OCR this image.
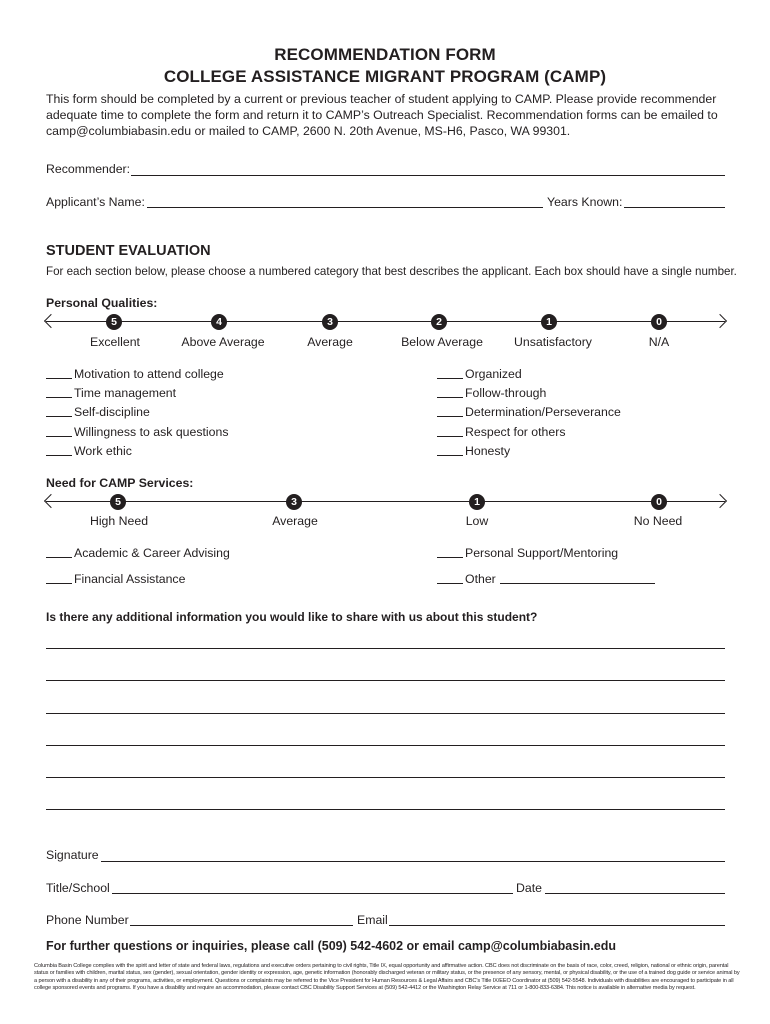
RECOMMENDATION FORM
COLLEGE ASSISTANCE MIGRANT PROGRAM (CAMP)
This form should be completed by a current or previous teacher of student applying to CAMP. Please provide recommender
adequate time to complete the form and return it to CAMP’s Outreach Specialist. Recommendation forms can be emailed to
camp@columbiabasin.edu or mailed to CAMP, 2600 N. 20th Avenue, MS-H6, Pasco, WA 99301.
Recommender:
Applicant’s Name:	Years Known:
STUDENT EVALUATION
For each section below, please choose a numbered category that best describes the applicant. Each box should have a single number.
Personal Qualities:
5	4	3	2	1	0
Excellent	Above Average	Average	Below Average	Unsatisfactory	N/A
Motivation to attend college
Time management
Self-discipline
Willingness to ask questions
Work ethic
Organized
Follow-through
Determination/Perseverance
Respect for others
Honesty
Need for CAMP Services:
5	3	1	0
High Need	Average	Low	No Need
Academic & Career Advising
Financial Assistance
Personal Support/Mentoring
Other
Is there any additional information you would like to share with us about this student?
Signature
Title/School	Date
Phone Number	Email
For further questions or inquiries, please call (509) 542-4602 or email camp@columbiabasin.edu
Columbia Basin College complies with the spirit and letter of state and federal laws, regulations and executive orders pertaining to civil rights, Title IX, equal opportunity and affirmative action. CBC does not discriminate on the basis of race, color, creed, religion, national or ethnic origin, parental status or families with children, marital status, sex (gender), sexual orientation, gender identity or expression, age, genetic information (honorably discharged veteran or military status, or the presence of any sensory, mental, or physical disability, or the use of a trained dog guide or service animal by a person with a disability in any of their programs, activities, or employment. Questions or complaints may be referred to the Vice President for Human Resources & Legal Affairs and CBC's Title IX/EEO Coordinator at (509) 542-5548. Individuals with disabilities are encouraged to participate in all college sponsored events and programs. If you have a disability and require an accommodation, please contact CBC Disability Support Services at (509) 542-4412 or the Washington Relay Service at 711 or 1-800-833-6384. This notice is available in alternative media by request.
